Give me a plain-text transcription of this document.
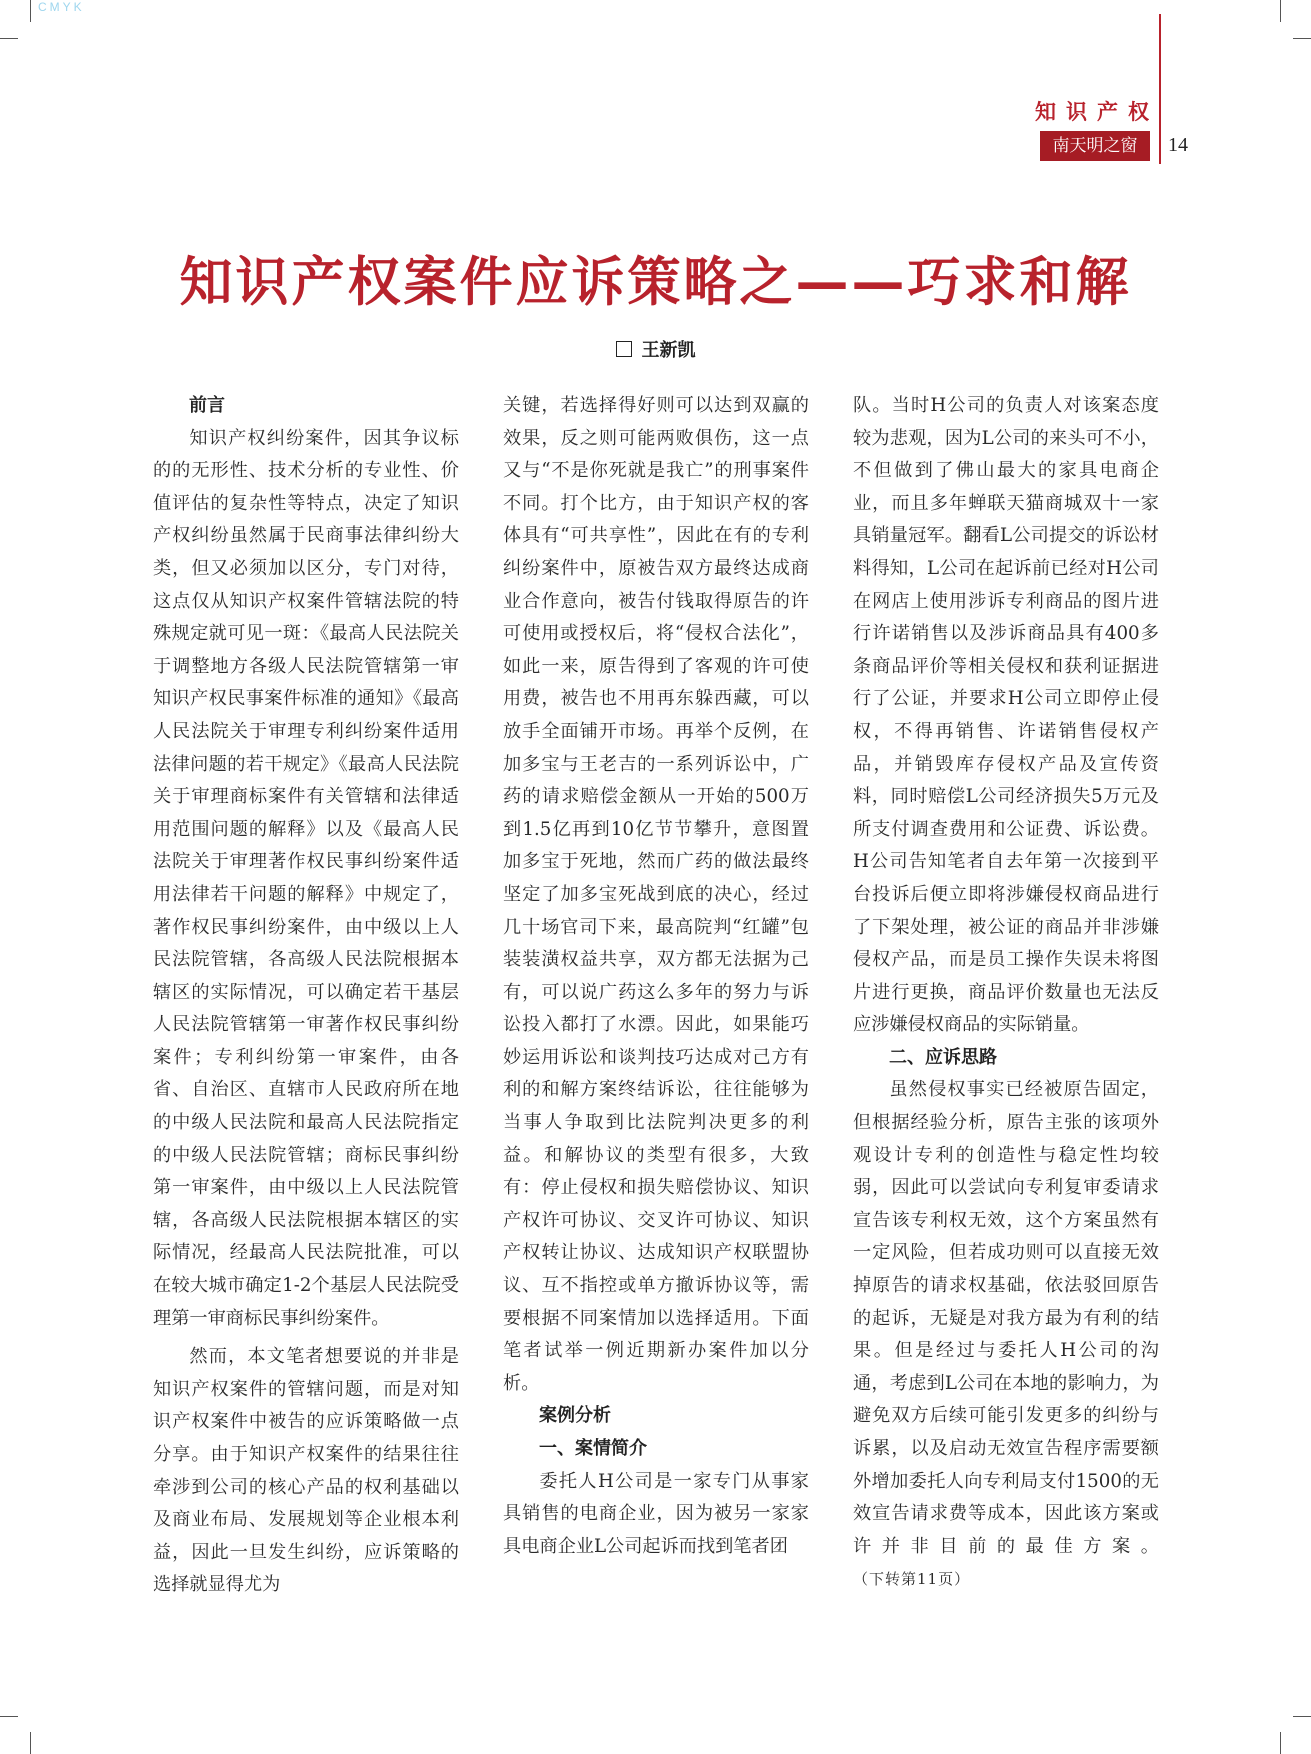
CMYK
知识产权
南天明之窗	14
知识产权案件应诉策略之——巧求和解
王新凯
前言

知识产权纠纷案件，因其争议标的的无形性、技术分析的专业性、价值评估的复杂性等特点，决定了知识产权纠纷虽然属于民商事法律纠纷大类，但又必须加以区分，专门对待，这点仅从知识产权案件管辖法院的特殊规定就可见一斑：《最高人民法院关于调整地方各级人民法院管辖第一审知识产权民事案件标准的通知》《最高人民法院关于审理专利纠纷案件适用法律问题的若干规定》《最高人民法院关于审理商标案件有关管辖和法律适用范围问题的解释》以及《最高人民法院关于审理著作权民事纠纷案件适用法律若干问题的解释》中规定了，著作权民事纠纷案件，由中级以上人民法院管辖，各高级人民法院根据本辖区的实际情况，可以确定若干基层人民法院管辖第一审著作权民事纠纷案件；专利纠纷第一审案件，由各省、自治区、直辖市人民政府所在地的中级人民法院和最高人民法院指定的中级人民法院管辖；商标民事纠纷第一审案件，由中级以上人民法院管辖，各高级人民法院根据本辖区的实际情况，经最高人民法院批准，可以在较大城市确定1-2个基层人民法院受理第一审商标民事纠纷案件。

然而，本文笔者想要说的并非是知识产权案件的管辖问题，而是对知识产权案件中被告的应诉策略做一点分享。由于知识产权案件的结果往往牵涉到公司的核心产品的权利基础以及商业布局、发展规划等企业根本利益，因此一旦发生纠纷，应诉策略的选择就显得尤为

关键，若选择得好则可以达到双赢的效果，反之则可能两败俱伤，这一点又与“不是你死就是我亡”的刑事案件不同。打个比方，由于知识产权的客体具有“可共享性”，因此在有的专利纠纷案件中，原被告双方最终达成商业合作意向，被告付钱取得原告的许可使用或授权后，将“侵权合法化”，如此一来，原告得到了客观的许可使用费，被告也不用再东躲西藏，可以放手全面铺开市场。再举个反例，在加多宝与王老吉的一系列诉讼中，广药的请求赔偿金额从一开始的500万到1.5亿再到10亿节节攀升，意图置加多宝于死地，然而广药的做法最终坚定了加多宝死战到底的决心，经过几十场官司下来，最高院判“红罐”包装装潢权益共享，双方都无法据为己有，可以说广药这么多年的努力与诉讼投入都打了水漂。因此，如果能巧妙运用诉讼和谈判技巧达成对己方有利的和解方案终结诉讼，往往能够为当事人争取到比法院判决更多的利益。和解协议的类型有很多，大致有：停止侵权和损失赔偿协议、知识产权许可协议、交叉许可协议、知识产权转让协议、达成知识产权联盟协议、互不指控或单方撤诉协议等，需要根据不同案情加以选择适用。下面笔者试举一例近期新办案件加以分析。

案例分析
一、案情简介

委托人H公司是一家专门从事家具销售的电商企业，因为被另一家家具电商企业L公司起诉而找到笔者团

队。当时H公司的负责人对该案态度较为悲观，因为L公司的来头可不小，不但做到了佛山最大的家具电商企业，而且多年蝉联天猫商城双十一家具销量冠军。翻看L公司提交的诉讼材料得知，L公司在起诉前已经对H公司在网店上使用涉诉专利商品的图片进行许诺销售以及涉诉商品具有400多条商品评价等相关侵权和获利证据进行了公证，并要求H公司立即停止侵权，不得再销售、许诺销售侵权产品，并销毁库存侵权产品及宣传资料，同时赔偿L公司经济损失5万元及所支付调查费用和公证费、诉讼费。H公司告知笔者自去年第一次接到平台投诉后便立即将涉嫌侵权商品进行了下架处理，被公证的商品并非涉嫌侵权产品，而是员工操作失误未将图片进行更换，商品评价数量也无法反应涉嫌侵权商品的实际销量。

二、应诉思路

虽然侵权事实已经被原告固定，但根据经验分析，原告主张的该项外观设计专利的创造性与稳定性均较弱，因此可以尝试向专利复审委请求宣告该专利权无效，这个方案虽然有一定风险，但若成功则可以直接无效掉原告的请求权基础，依法驳回原告的起诉，无疑是对我方最为有利的结果。但是经过与委托人H公司的沟通，考虑到L公司在本地的影响力，为避免双方后续可能引发更多的纠纷与诉累，以及启动无效宣告程序需要额外增加委托人向专利局支付1500的无效宣告请求费等成本，因此该方案或许并非目前的最佳方案。（下转第11页）
